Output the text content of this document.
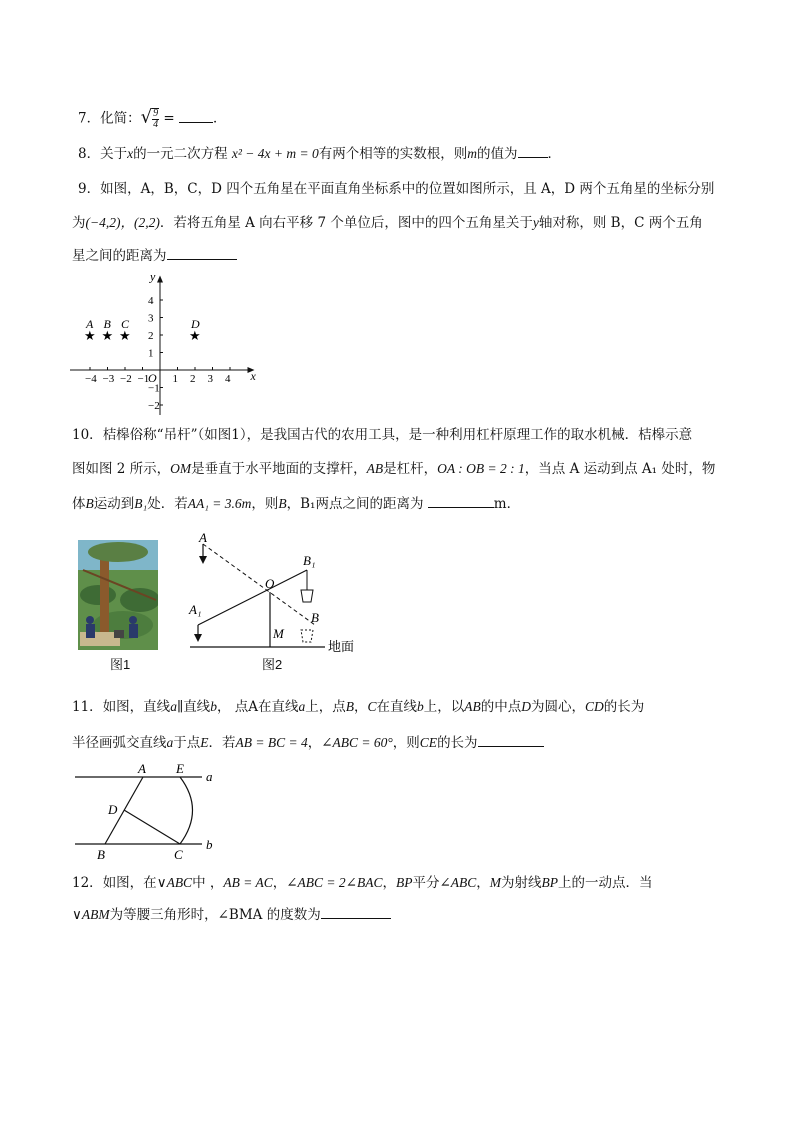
7．化简：√ $\frac{9}{4}$ =	．
8．关于x的一元二次方程 x² − 4x + m = 0有两个相等的实数根，则m的值为 ．
9．如图，A，B，C，D 四个五角星在平面直角坐标系中的位置如图所示，且 A，D 两个五角星的坐标分别
为(−4,2)，(2,2)．若将五角星 A 向右平移 7 个单位后，图中的四个五角星关于y轴对称，则 B，C 两个五角
星之间的距离为
x
y
O
−4 −3 −2 −1 1 2 3 4
4
3
2
1
−1
−2
★
A
★
B
★
C
★
D
10．桔槔俗称“吊杆”（如图1），是我国古代的农用工具，是一种利用杠杆原理工作的取水机械．桔槔示意
图如图 2 所示，OM是垂直于水平地面的支撑杆，AB是杠杆，OA : OB = 2 : 1，当点 A 运动到点 A₁ 处时，物
体B运动到B₁处．若AA₁ = 3.6m，则B，B₁两点之间的距离为	m．
图1
A
O
B₁
A₁
M
B
地面
图2
11．如图，直线a∥直线b， 点A在直线a上，点B，C在直线b上，以AB的中点D为圆心，CD的长为
半径画弧交直线a于点E．若AB = BC = 4，∠ABC = 60°，则CE的长为
A E
a
D
B	C
b
12．如图，在∨ABC中 ，AB = AC，∠ABC = 2∠BAC，BP平分∠ABC，M为射线BP上的一动点．当
∨ABM为等腰三角形时，∠BMA 的度数为
